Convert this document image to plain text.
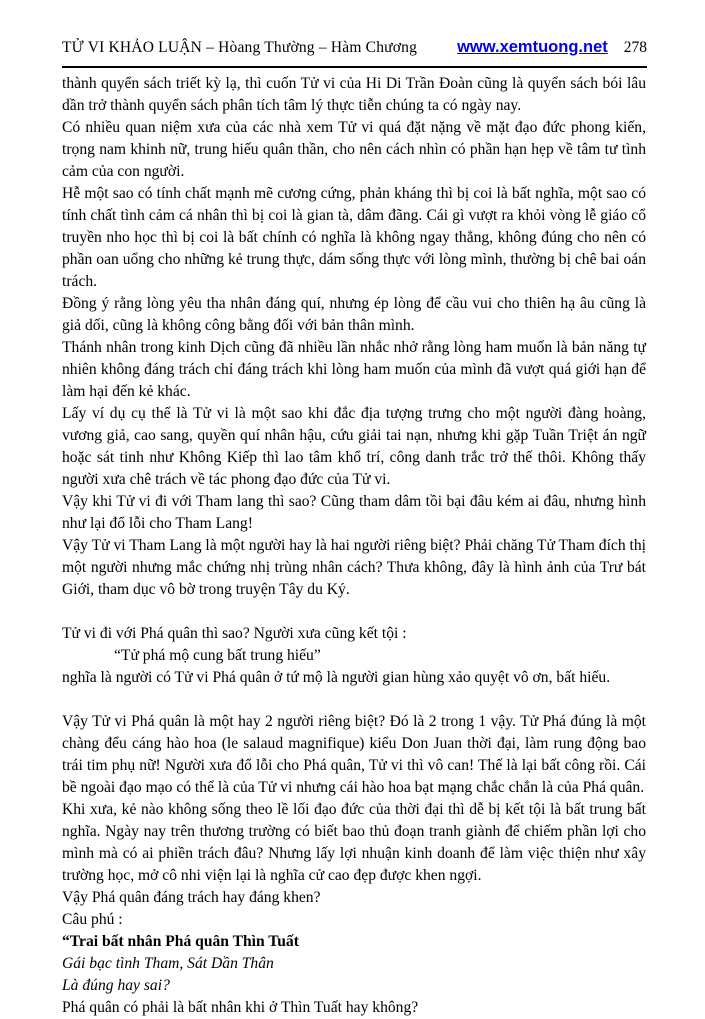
TỬ VI KHẢO LUẬN – Hòang Thường – Hàm Chương www.xemtuong.net 278

thành quyển sách triết kỳ lạ, thì cuốn Tử vi của Hi Di Trần Đoàn cũng là quyển sách bói lâu dần trở thành quyển sách phân tích tâm lý thực tiễn chúng ta có ngày nay.

Có nhiều quan niệm xưa của các nhà xem Tử vi quá đặt nặng về mặt đạo đức phong kiến, trọng nam khinh nữ, trung hiếu quân thần, cho nên cách nhìn có phần hạn hẹp về tâm tư tình cảm của con người.

Hễ một sao có tính chất mạnh mẽ cương cứng, phản kháng thì bị coi là bất nghĩa, một sao có tính chất tình cảm cá nhân thì bị coi là gian tà, dâm đãng. Cái gì vượt ra khỏi vòng lễ giáo cổ truyền nho học thì bị coi là bất chính có nghĩa là không ngay thẳng, không đúng cho nên có phần oan uổng cho những kẻ trung thực, dám sống thực với lòng mình, thường bị chê bai oán trách.

Đồng ý rằng lòng yêu tha nhân đáng quí, nhưng ép lòng để cầu vui cho thiên hạ âu cũng là giả dối, cũng là không công bằng đối với bản thân mình.

Thánh nhân trong kinh Dịch cũng đã nhiều lần nhắc nhở rằng lòng ham muốn là bản năng tự nhiên không đáng trách chỉ đáng trách khi lòng ham muốn của mình đã vượt quá giới hạn để làm hại đến kẻ khác.

Lấy ví dụ cụ thể là Tử vi là một sao khi đắc địa tượng trưng cho một người đàng hoàng, vương giả, cao sang, quyền quí nhân hậu, cứu giải tai nạn, nhưng khi gặp Tuần Triệt án ngữ hoặc sát tinh như Không Kiếp thì lao tâm khổ trí, công danh trắc trở thế thôi. Không thấy người xưa chê trách về tác phong đạo đức của Tử vi.

Vậy khi Tử vi đi với Tham lang thì sao? Cũng tham dâm tồi bại đâu kém ai đâu, nhưng hình như lại đổ lỗi cho Tham Lang!

Vậy Tử vi Tham Lang là một người hay là hai người riêng biệt? Phải chăng Tử Tham đích thị một người nhưng mắc chứng nhị trùng nhân cách? Thưa không, đây là hình ảnh của Trư bát Giới, tham dục vô bờ trong truyện Tây du Ký.

Tử vi đi với Phá quân thì sao? Người xưa cũng kết tội :

“Tử phá mộ cung bất trung hiếu”

nghĩa là người có Tử vi Phá quân ở tứ mộ là người gian hùng xảo quyệt vô ơn, bất hiếu.

Vậy Tử vi Phá quân là một hay 2 người riêng biệt? Đó là 2 trong 1 vậy. Tử Phá đúng là một chàng đểu cáng hào hoa (le salaud magnifique) kiểu Don Juan thời đại, làm rung động bao trái tim phụ nữ! Người xưa đổ lỗi cho Phá quân, Tử vi thì vô can! Thế là lại bất công rồi. Cái bề ngoài đạo mạo có thể là của Tử vi nhưng cái hào hoa bạt mạng chắc chắn là của Phá quân.

Khi xưa, kẻ nào không sống theo lề lối đạo đức của thời đại thì dễ bị kết tội là bất trung bất nghĩa. Ngày nay trên thương trường có biết bao thủ đoạn tranh giành để chiếm phần lợi cho mình mà có ai phiền trách đâu? Nhưng lấy lợi nhuận kinh doanh để làm việc thiện như xây trường học, mở cô nhi viện lại là nghĩa cử cao đẹp được khen ngợi.

Vậy Phá quân đáng trách hay đáng khen?

Câu phú :

“Trai bất nhân Phá quân Thìn Tuất

Gái bạc tình Tham, Sát Dần Thân

Là đúng hay sai?

Phá quân có phải là bất nhân khi ở Thìn Tuất hay không?
